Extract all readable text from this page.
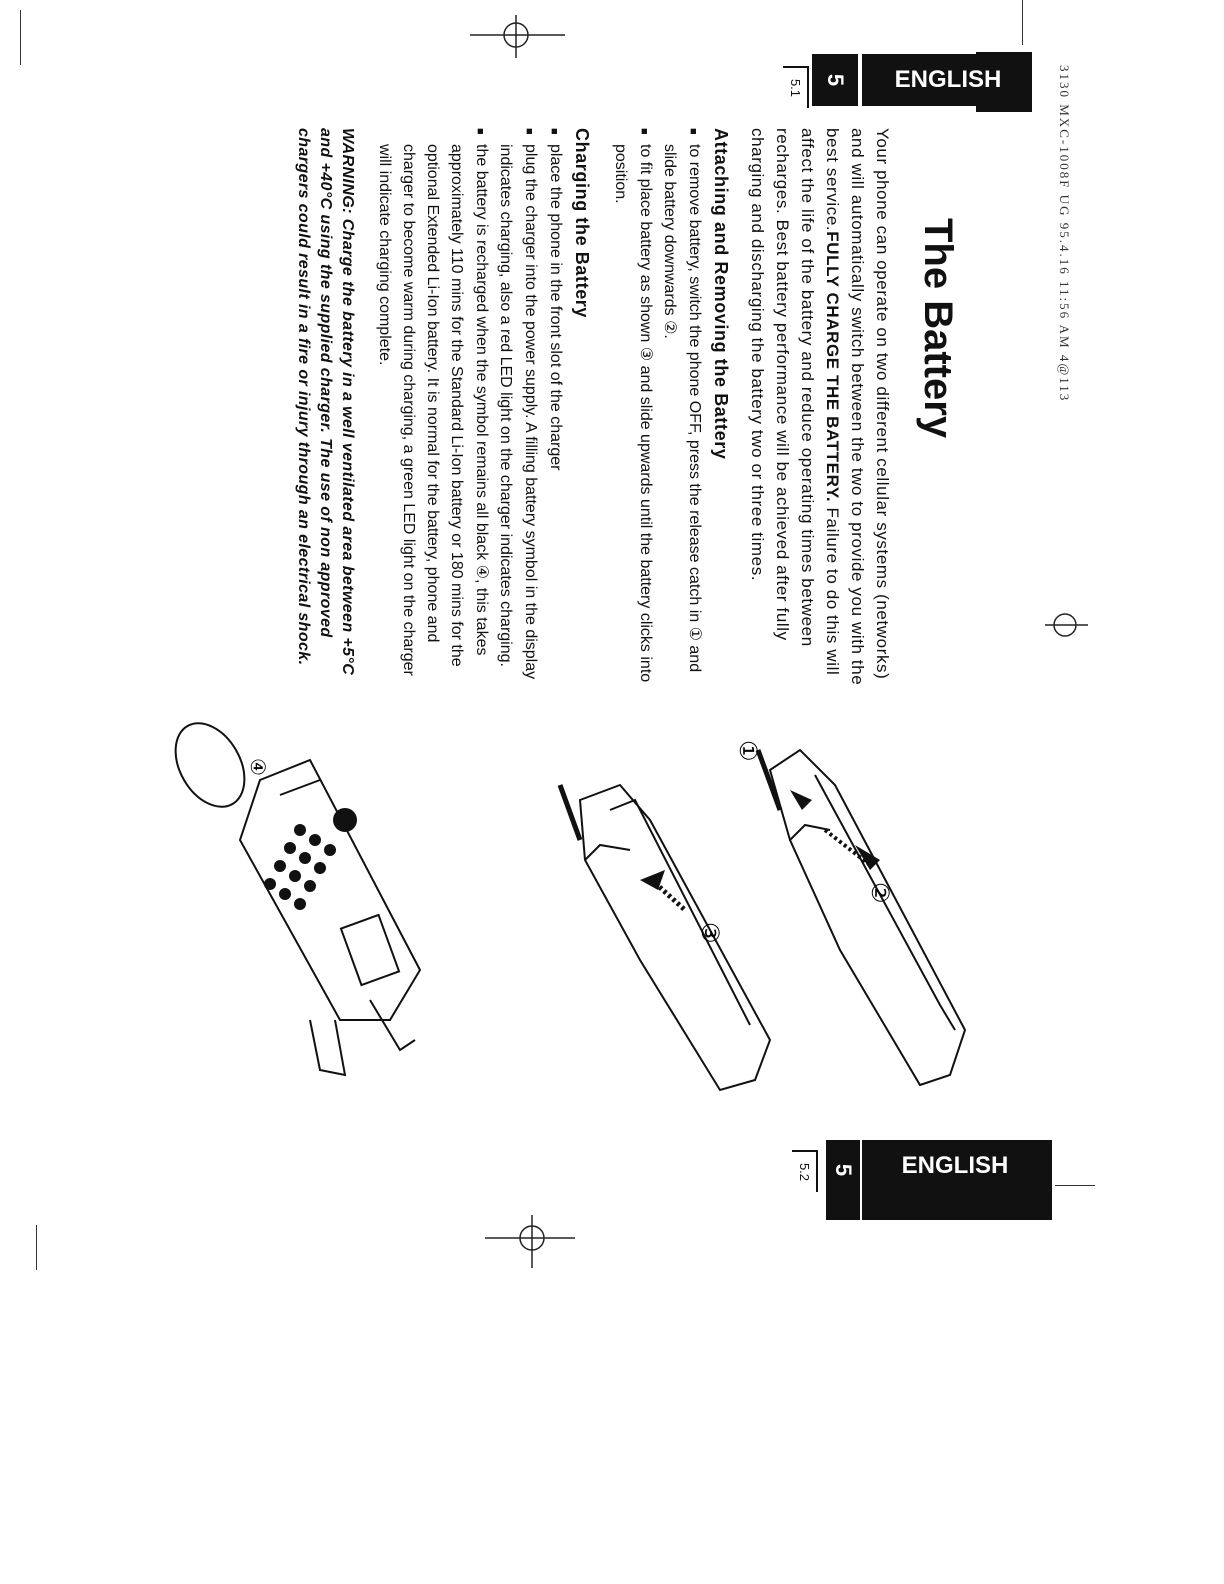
3130 MXC-1008F UG 95.4.16 11:56 AM 4@113
ENGLISH
5
5.1
ENGLISH
5
5.2
The Battery

Your phone can operate on two different cellular systems (networks) and will automatically switch between the two to provide you with the best service.FULLY CHARGE THE BATTERY. Failure to do this will affect the life of the battery and reduce operating times between recharges. Best battery performance will be achieved after fully charging and discharging the battery two or three times.

Attaching and Removing the Battery

■ to remove battery, switch the phone OFF, press the release catch in ① and slide battery downwards ②.

■ to fit place battery as shown ③ and slide upwards until the battery clicks into position.

Charging the Battery

■ place the phone in the front slot of the charger

■ plug the charger into the power supply. A filling battery symbol in the display indicates charging, also a red LED light on the charger indicates charging.

■ the battery is recharged when the symbol remains all black ④, this takes approximately 110 mins for the Standard Li-Ion battery or 180 mins for the optional Extended Li-Ion battery. It is normal for the battery, phone and charger to become warm during charging, a green LED light on the charger will indicate charging complete.

WARNING: Charge the battery in a well ventilated area between +5°C and +40°C using the supplied charger. The use of non approved chargers could result in a fire or injury through an electrical shock.

①
②
③
④
